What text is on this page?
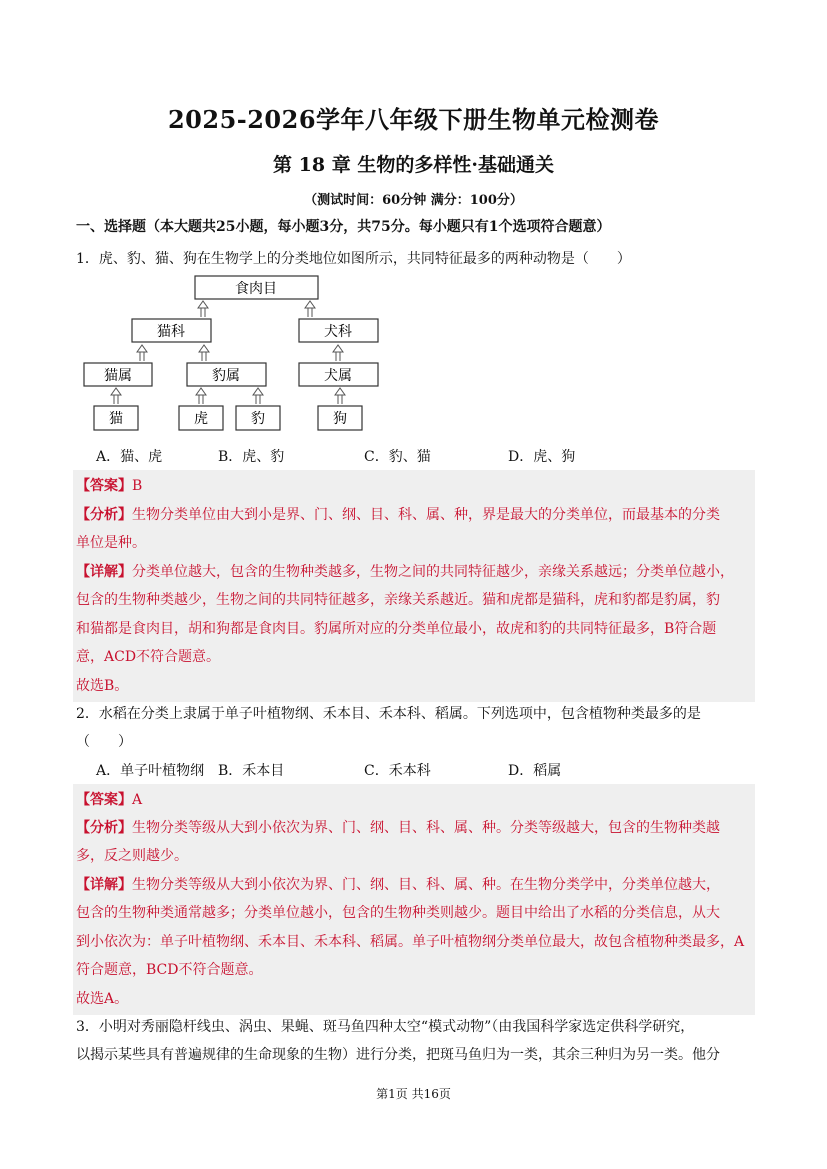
2025-2026学年八年级下册生物单元检测卷
第 18 章 生物的多样性·基础通关
（测试时间：60分钟 满分：100分）
一、选择题（本大题共25小题，每小题3分，共75分。每小题只有1个选项符合题意）
1．虎、豹、猫、狗在生物学上的分类地位如图所示，共同特征最多的两种动物是（　　）
食肉目
猫科	犬科
猫属	豹属	犬属
猫	虎	豹	狗
A．猫、虎	B．虎、豹	C．豹、猫	D．虎、狗
【答案】B
【分析】生物分类单位由大到小是界、门、纲、目、科、属、种，界是最大的分类单位，而最基本的分类
单位是种。
【详解】分类单位越大，包含的生物种类越多，生物之间的共同特征越少，亲缘关系越远；分类单位越小，
包含的生物种类越少，生物之间的共同特征越多，亲缘关系越近。猫和虎都是猫科，虎和豹都是豹属，豹
和猫都是食肉目，胡和狗都是食肉目。豹属所对应的分类单位最小，故虎和豹的共同特征最多，B符合题
意，ACD不符合题意。
故选B。
2．水稻在分类上隶属于单子叶植物纲、禾本目、禾本科、稻属。下列选项中，包含植物种类最多的是
（　　）
A．单子叶植物纲 B．禾本目	C．禾本科	D．稻属
【答案】A
【分析】生物分类等级从大到小依次为界、门、纲、目、科、属、种。分类等级越大，包含的生物种类越
多，反之则越少。
【详解】生物分类等级从大到小依次为界、门、纲、目、科、属、种。在生物分类学中，分类单位越大，
包含的生物种类通常越多；分类单位越小，包含的生物种类则越少。题目中给出了水稻的分类信息，从大
到小依次为：单子叶植物纲、禾本目、禾本科、稻属。单子叶植物纲分类单位最大，故包含植物种类最多，A
符合题意，BCD不符合题意。
故选A。
3．小明对秀丽隐杆线虫、涡虫、果蝇、斑马鱼四种太空“模式动物”（由我国科学家选定供科学研究，
以揭示某些具有普遍规律的生命现象的生物）进行分类，把斑马鱼归为一类，其余三种归为另一类。他分
第1页 共16页
